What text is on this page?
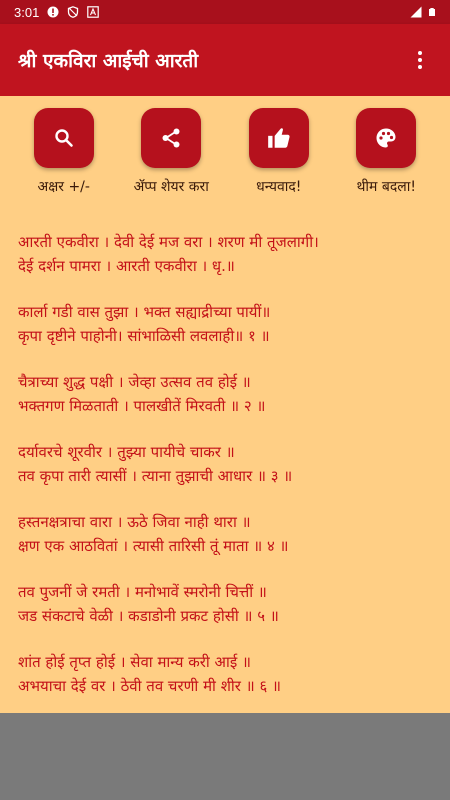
3:01
श्री एकविरा आईची आरती
अक्षर +/-	ॲप्प शेयर करा	धन्यवाद!	थीम बदला!
आरती एकवीरा । देवी देई मज वरा । शरण मी तूजलागी।
देई दर्शन पामरा । आरती एकवीरा । धृ.॥
कार्ला गडी वास तुझा । भक्त सह्याद्रीच्या पायीं॥
कृपा दृष्टीने पाहोनी। सांभाळिसी लवलाही॥ १ ॥
चैत्राच्या शुद्ध पक्षी । जेव्हा उत्सव तव होई ॥
भक्तगण मिळताती । पालखीतें मिरवती ॥ २ ॥
दर्यावरचे शूरवीर । तुझ्या पायीचे चाकर ॥
तव कृपा तारी त्यासीं । त्याना तुझाची आधार ॥ ३ ॥
हस्तनक्षत्राचा वारा । ऊठे जिवा नाही थारा ॥
क्षण एक आठवितां । त्यासी तारिसी तूं माता ॥ ४ ॥
तव पुजनीं जे रमती । मनोभावें स्मरोनी चित्तीं ॥
जड संकटाचे वेळी । कडाडोनी प्रकट होसी ॥ ५ ॥
शांत होई तृप्त होई । सेवा मान्य करी आई ॥
अभयाचा देई वर । ठेवी तव चरणी मी शीर ॥ ६ ॥
